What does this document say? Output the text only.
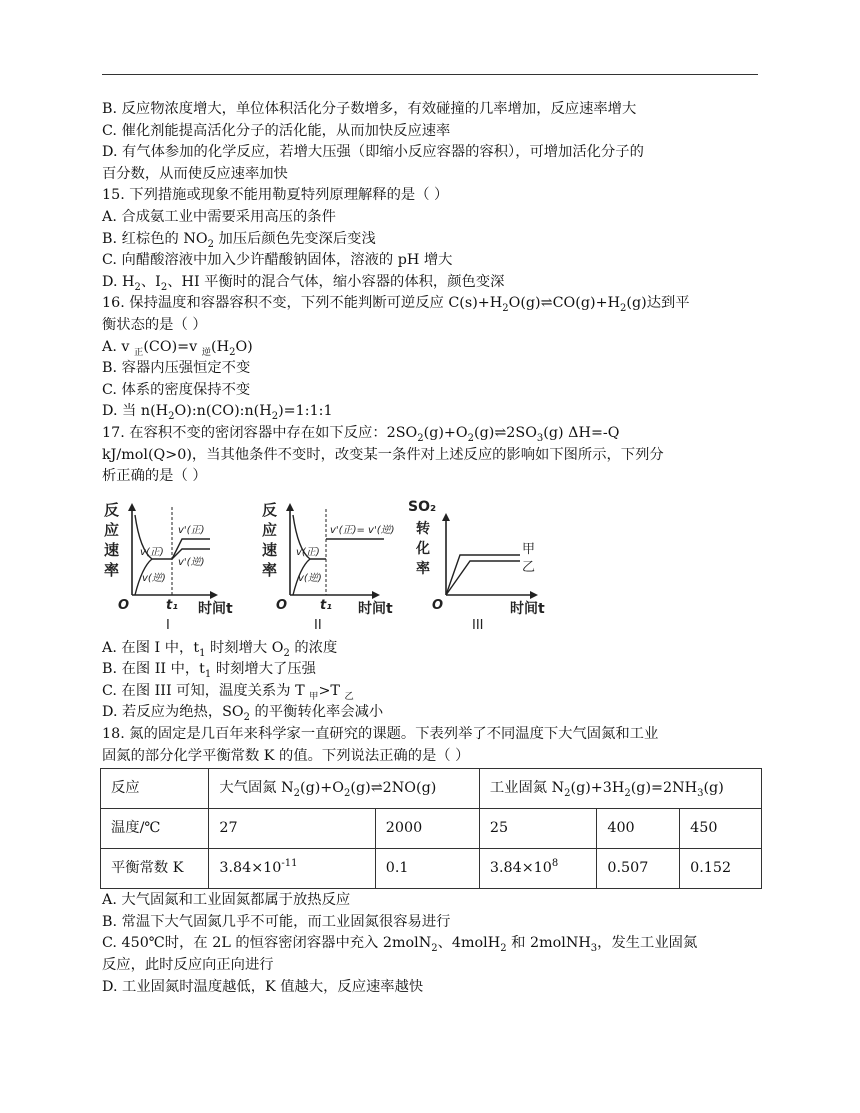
B. 反应物浓度增大，单位体积活化分子数增多，有效碰撞的几率增加，反应速率增大
C. 催化剂能提高活化分子的活化能，从而加快反应速率
D. 有气体参加的化学反应，若增大压强（即缩小反应容器的容积），可增加活化分子的
百分数，从而使反应速率加快
15. 下列措施或现象不能用勒夏特列原理解释的是（ ）
A. 合成氨工业中需要采用高压的条件
B. 红棕色的 $NO_2$ 加压后颜色先变深后变浅
C. 向醋酸溶液中加入少许醋酸钠固体，溶液的 pH 增大
D. $H_2$、$I_2$、HI 平衡时的混合气体，缩小容器的体积，颜色变深
16. 保持温度和容器容积不变，下列不能判断可逆反应 $C(s)+H_2O(g)\rightleftharpoons CO(g)+H_2(g)$达到平
衡状态的是（ ）
A. v $_正$(CO)=v $_逆(H_2O)$
B. 容器内压强恒定不变
C. 体系的密度保持不变
D. 当 $n(H_2O):n(CO):n(H_2)=1:1:1$
17. 在容积不变的密闭容器中存在如下反应：$2SO_2(g)+O_2(g)\rightleftharpoons 2SO_3(g)$ ΔH=-Q
kJ/mol(Q>0)，当其他条件不变时，改变某一条件对上述反应的影响如下图所示，下列分
析正确的是（ ）
反
应
速
率
v(正)
v(逆)
v'(正)
v'(逆)
O	t₁ 时间t
I
反
应
速
率
v'(正)= v'(逆)
v(正)
v(逆)
O	t₁ 时间t
II
SO₂
转
化
率
甲
乙
O	时间t
III
A. 在图 I 中，$t_1$ 时刻增大 $O_2$ 的浓度
B. 在图 II 中，$t_1$ 时刻增大了压强
C. 在图 III 可知，温度关系为 T $_甲$>T $_乙$
D. 若反应为绝热，$SO_2$ 的平衡转化率会减小
18. 氮的固定是几百年来科学家一直研究的课题。下表列举了不同温度下大气固氮和工业
固氮的部分化学平衡常数 K 的值。下列说法正确的是（ ）
反应	大气固氮 $N_2(g)+O_2(g)\rightleftharpoons 2NO(g)$		工业固氮 $N_2(g)+3H_2(g)=2NH_3(g)$		
温度/℃	27	2000	25	400	450
平衡常数 K	$3.84\times 10^{-11}$	0.1	$3.84\times 10^8$	0.507	0.152
A. 大气固氮和工业固氮都属于放热反应
B. 常温下大气固氮几乎不可能，而工业固氮很容易进行
C. 450℃时，在 2L 的恒容密闭容器中充入 2molN$_2$、4molH$_2$ 和 2molNH$_3$，发生工业固氮
反应，此时反应向正向进行
D. 工业固氮时温度越低，K 值越大，反应速率越快
